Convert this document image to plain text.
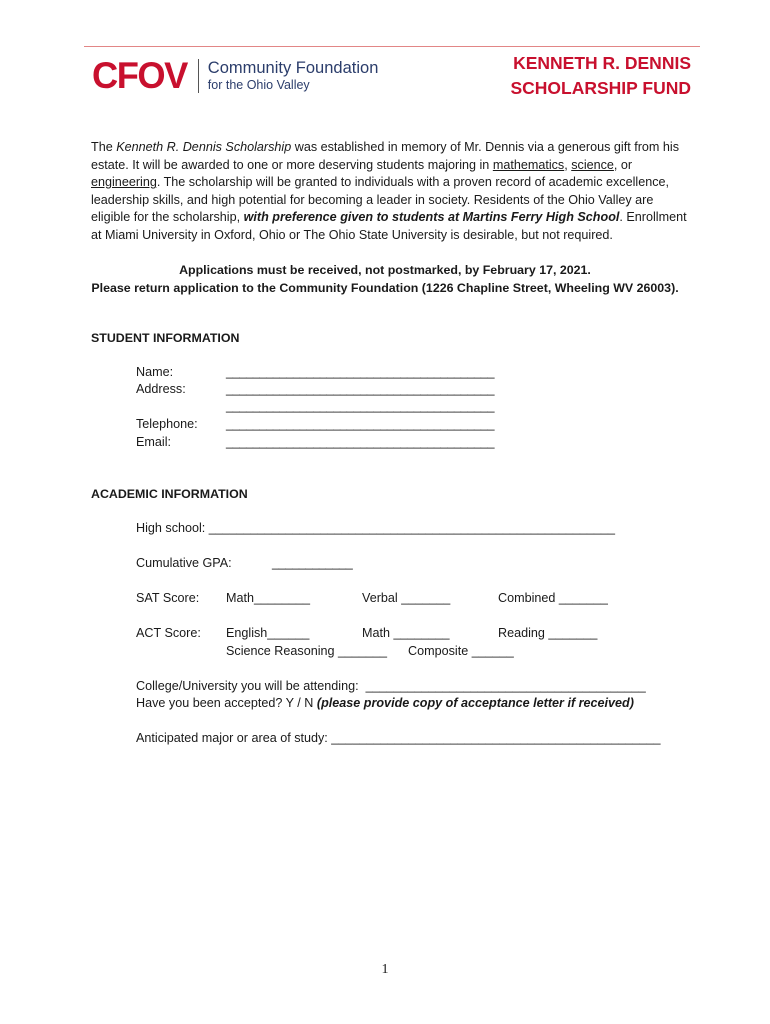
CFOV Community Foundation
for the Ohio Valley
KENNETH R. DENNIS
SCHOLARSHIP FUND
The Kenneth R. Dennis Scholarship was established in memory of Mr. Dennis via a generous gift from his estate. It will be awarded to one or more deserving students majoring in mathematics, science, or engineering. The scholarship will be granted to individuals with a proven record of academic excellence, leadership skills, and high potential for becoming a leader in society. Residents of the Ohio Valley are eligible for the scholarship, with preference given to students at Martins Ferry High School. Enrollment at Miami University in Oxford, Ohio or The Ohio State University is desirable, but not required.
Applications must be received, not postmarked, by February 17, 2021.
Please return application to the Community Foundation (1226 Chapline Street, Wheeling WV 26003).
STUDENT INFORMATION
Name:	________________________________________
Address:	________________________________________
________________________________________
Telephone: ________________________________________
Email:	________________________________________
ACADEMIC INFORMATION
High school: __________________________________________________________
Cumulative GPA:	____________
SAT Score: Math________	Verbal _______	Combined _______
ACT Score: English______	Math ________	Reading _______
Science Reasoning _______ Composite ______
College/University you will be attending:  ________________________________________
Have you been accepted? Y / N (please provide copy of acceptance letter if received)
Anticipated major or area of study: _______________________________________________
1
